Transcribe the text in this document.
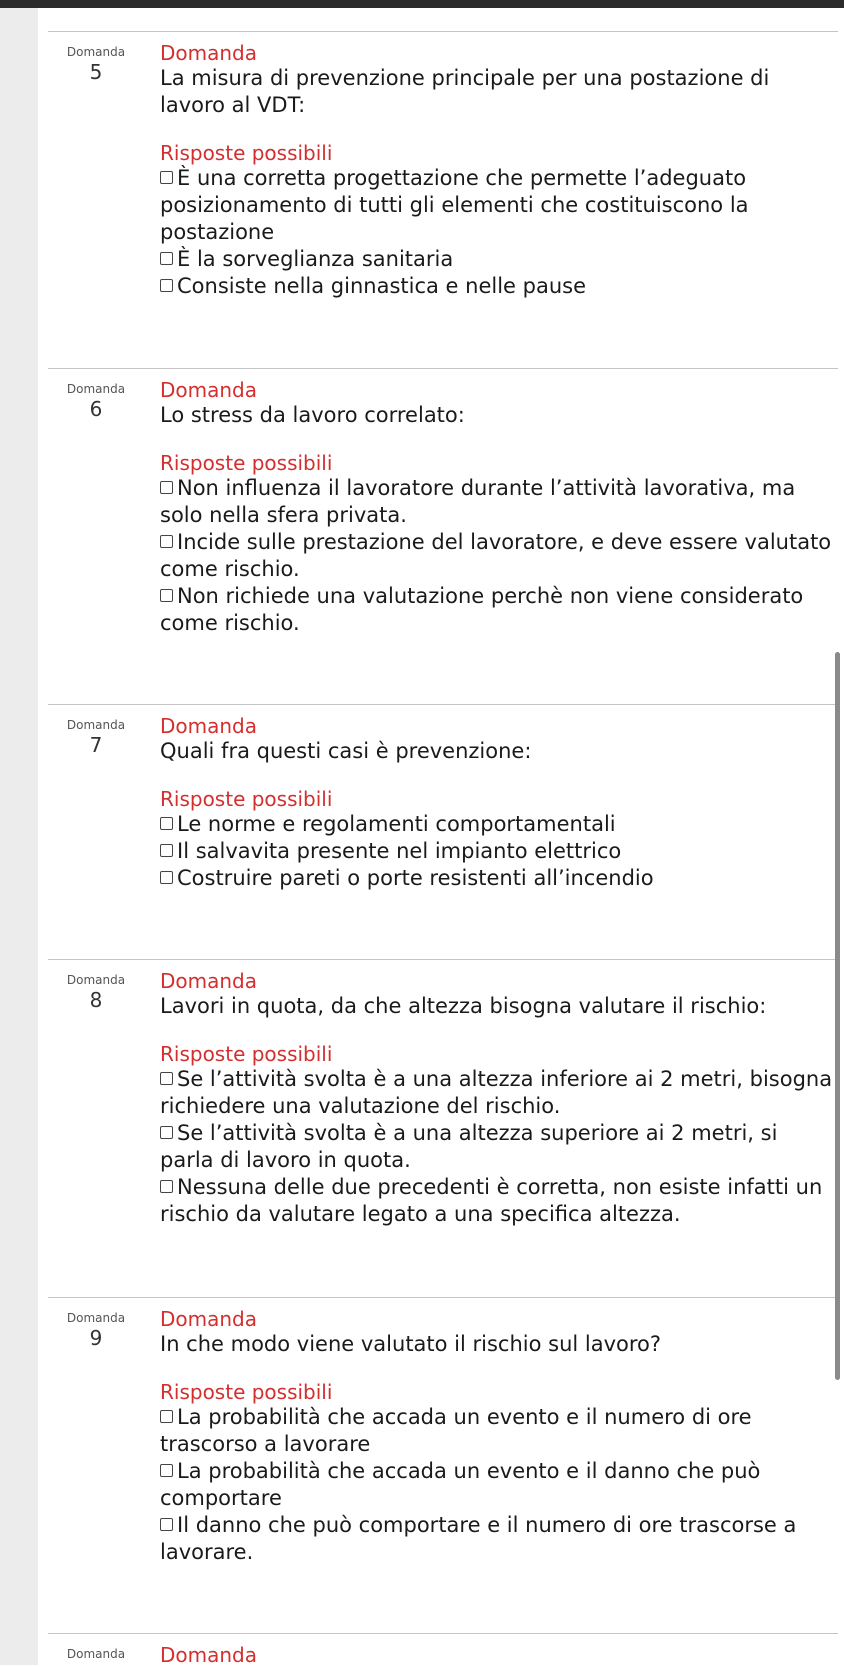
Domanda
5
Domanda

La misura di prevenzione principale per una postazione di lavoro al VDT:

Risposte possibili

È una corretta progettazione che permette l’adeguato posizionamento di tutti gli elementi che costituiscono la postazione

È la sorveglianza sanitaria

Consiste nella ginnastica e nelle pause

Domanda
6
Domanda

Lo stress da lavoro correlato:

Risposte possibili

Non influenza il lavoratore durante l’attività lavorativa, ma solo nella sfera privata.

Incide sulle prestazione del lavoratore, e deve essere valutato come rischio.

Non richiede una valutazione perchè non viene considerato come rischio.

Domanda
7
Domanda

Quali fra questi casi è prevenzione:

Risposte possibili

Le norme e regolamenti comportamentali

Il salvavita presente nel impianto elettrico

Costruire pareti o porte resistenti all’incendio

Domanda
8
Domanda

Lavori in quota, da che altezza bisogna valutare il rischio:

Risposte possibili

Se l’attività svolta è a una altezza inferiore ai 2 metri, bisogna richiedere una valutazione del rischio.

Se l’attività svolta è a una altezza superiore ai 2 metri, si parla di lavoro in quota.

Nessuna delle due precedenti è corretta, non esiste infatti un rischio da valutare legato a una specifica altezza.

Domanda
9
Domanda

In che modo viene valutato il rischio sul lavoro?

Risposte possibili

La probabilità che accada un evento e il numero di ore trascorso a lavorare

La probabilità che accada un evento e il danno che può comportare

Il danno che può comportare e il numero di ore trascorse a lavorare.

Domanda	Domanda
